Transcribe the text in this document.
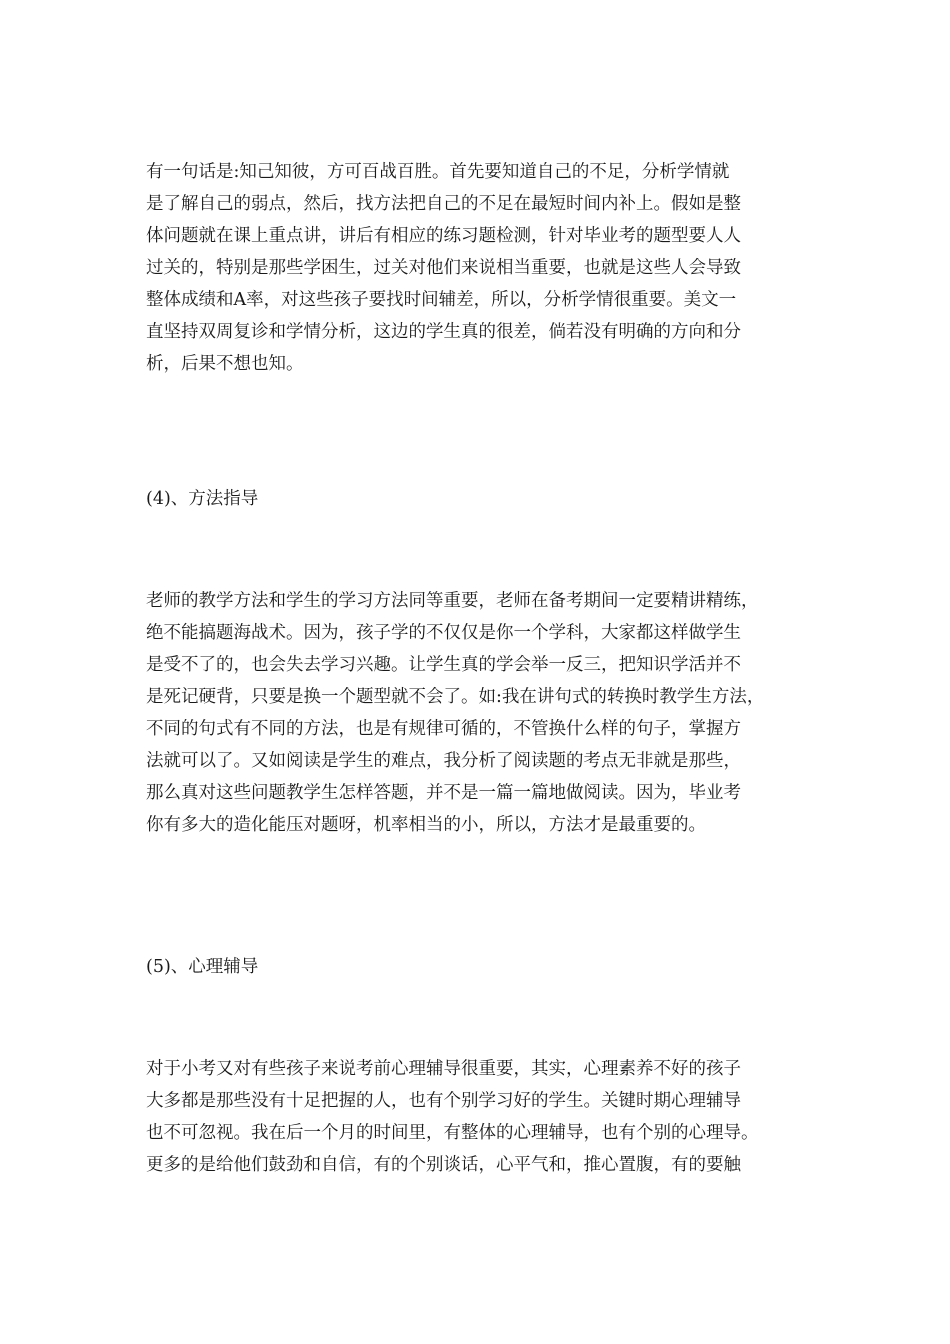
有一句话是:知己知彼，方可百战百胜。首先要知道自己的不足，分析学情就
是了解自己的弱点，然后，找方法把自己的不足在最短时间内补上。假如是整
体问题就在课上重点讲，讲后有相应的练习题检测，针对毕业考的题型要人人
过关的，特别是那些学困生，过关对他们来说相当重要，也就是这些人会导致
整体成绩和A率，对这些孩子要找时间辅差，所以，分析学情很重要。美文一
直坚持双周复诊和学情分析，这边的学生真的很差，倘若没有明确的方向和分
析，后果不想也知。
(4)、方法指导
老师的教学方法和学生的学习方法同等重要，老师在备考期间一定要精讲精练，
绝不能搞题海战术。因为，孩子学的不仅仅是你一个学科，大家都这样做学生
是受不了的，也会失去学习兴趣。让学生真的学会举一反三，把知识学活并不
是死记硬背，只要是换一个题型就不会了。如:我在讲句式的转换时教学生方法，
不同的句式有不同的方法，也是有规律可循的，不管换什么样的句子，掌握方
法就可以了。又如阅读是学生的难点，我分析了阅读题的考点无非就是那些，
那么真对这些问题教学生怎样答题，并不是一篇一篇地做阅读。因为，毕业考
你有多大的造化能压对题呀，机率相当的小，所以，方法才是最重要的。
(5)、心理辅导
对于小考又对有些孩子来说考前心理辅导很重要，其实，心理素养不好的孩子
大多都是那些没有十足把握的人，也有个别学习好的学生。关键时期心理辅导
也不可忽视。我在后一个月的时间里，有整体的心理辅导，也有个别的心理导。
更多的是给他们鼓劲和自信，有的个别谈话，心平气和，推心置腹，有的要触
